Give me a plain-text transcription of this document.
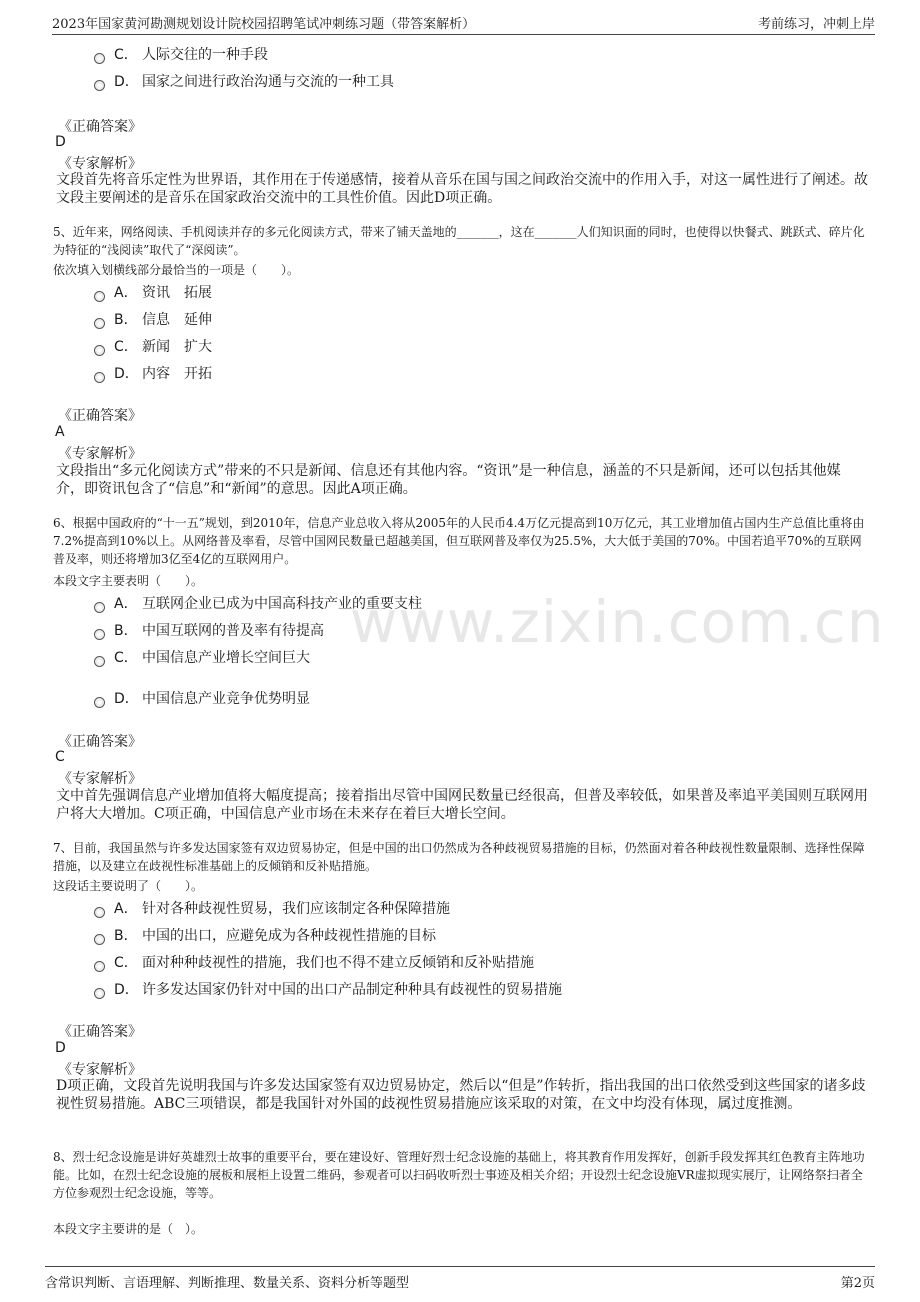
2023年国家黄河勘测规划设计院校园招聘笔试冲刺练习题（带答案解析）	考前练习，冲刺上岸
www.zixin.com.cn
C． 人际交往的一种手段
D． 国家之间进行政治沟通与交流的一种工具
《正确答案》
D
《专家解析》
文段首先将音乐定性为世界语，其作用在于传递感情，接着从音乐在国与国之间政治交流中的作用入手，对这一属性进行了阐述。故文段主要阐述的是音乐在国家政治交流中的工具性价值。因此D项正确。
5、近年来，网络阅读、手机阅读并存的多元化阅读方式，带来了铺天盖地的_______，这在_______人们知识面的同时，也使得以快餐式、跳跃式、碎片化为特征的“浅阅读”取代了“深阅读”。
依次填入划横线部分最恰当的一项是（　　）。
A． 资讯　拓展
B． 信息　延伸
C． 新闻　扩大
D． 内容　开拓
《正确答案》
A
《专家解析》
文段指出“多元化阅读方式”带来的不只是新闻、信息还有其他内容。“资讯”是一种信息，涵盖的不只是新闻，还可以包括其他媒介，即资讯包含了“信息”和“新闻”的意思。因此A项正确。
6、根据中国政府的“十一五”规划，到2010年，信息产业总收入将从2005年的人民币4.4万亿元提高到10万亿元，其工业增加值占国内生产总值比重将由7.2%提高到10%以上。从网络普及率看，尽管中国网民数量已超越美国，但互联网普及率仅为25.5%，大大低于美国的70%。中国若追平70%的互联网普及率，则还将增加3亿至4亿的互联网用户。
本段文字主要表明（　　）。
A． 互联网企业已成为中国高科技产业的重要支柱
B． 中国互联网的普及率有待提高
C． 中国信息产业增长空间巨大
D． 中国信息产业竞争优势明显
《正确答案》
C
《专家解析》
文中首先强调信息产业增加值将大幅度提高；接着指出尽管中国网民数量已经很高，但普及率较低，如果普及率追平美国则互联网用户将大大增加。C项正确，中国信息产业市场在未来存在着巨大增长空间。
7、目前，我国虽然与许多发达国家签有双边贸易协定，但是中国的出口仍然成为各种歧视贸易措施的目标，仍然面对着各种歧视性数量限制、选择性保障措施，以及建立在歧视性标准基础上的反倾销和反补贴措施。
这段话主要说明了（　　）。
A． 针对各种歧视性贸易，我们应该制定各种保障措施
B． 中国的出口，应避免成为各种歧视性措施的目标
C． 面对种种歧视性的措施，我们也不得不建立反倾销和反补贴措施
D． 许多发达国家仍针对中国的出口产品制定种种具有歧视性的贸易措施
《正确答案》
D
《专家解析》
D项正确，文段首先说明我国与许多发达国家签有双边贸易协定，然后以“但是”作转折，指出我国的出口依然受到这些国家的诸多歧视性贸易措施。ABC三项错误，都是我国针对外国的歧视性贸易措施应该采取的对策，在文中均没有体现，属过度推测。
8、烈士纪念设施是讲好英雄烈士故事的重要平台，要在建设好、管理好烈士纪念设施的基础上，将其教育作用发挥好，创新手段发挥其红色教育主阵地功能。比如，在烈士纪念设施的展板和展柜上设置二维码，参观者可以扫码收听烈士事迹及相关介绍；开设烈士纪念设施VR虚拟现实展厅，让网络祭扫者全方位参观烈士纪念设施，等等。
本段文字主要讲的是（　）。
含常识判断、言语理解、判断推理、数量关系、资料分析等题型	第2页
